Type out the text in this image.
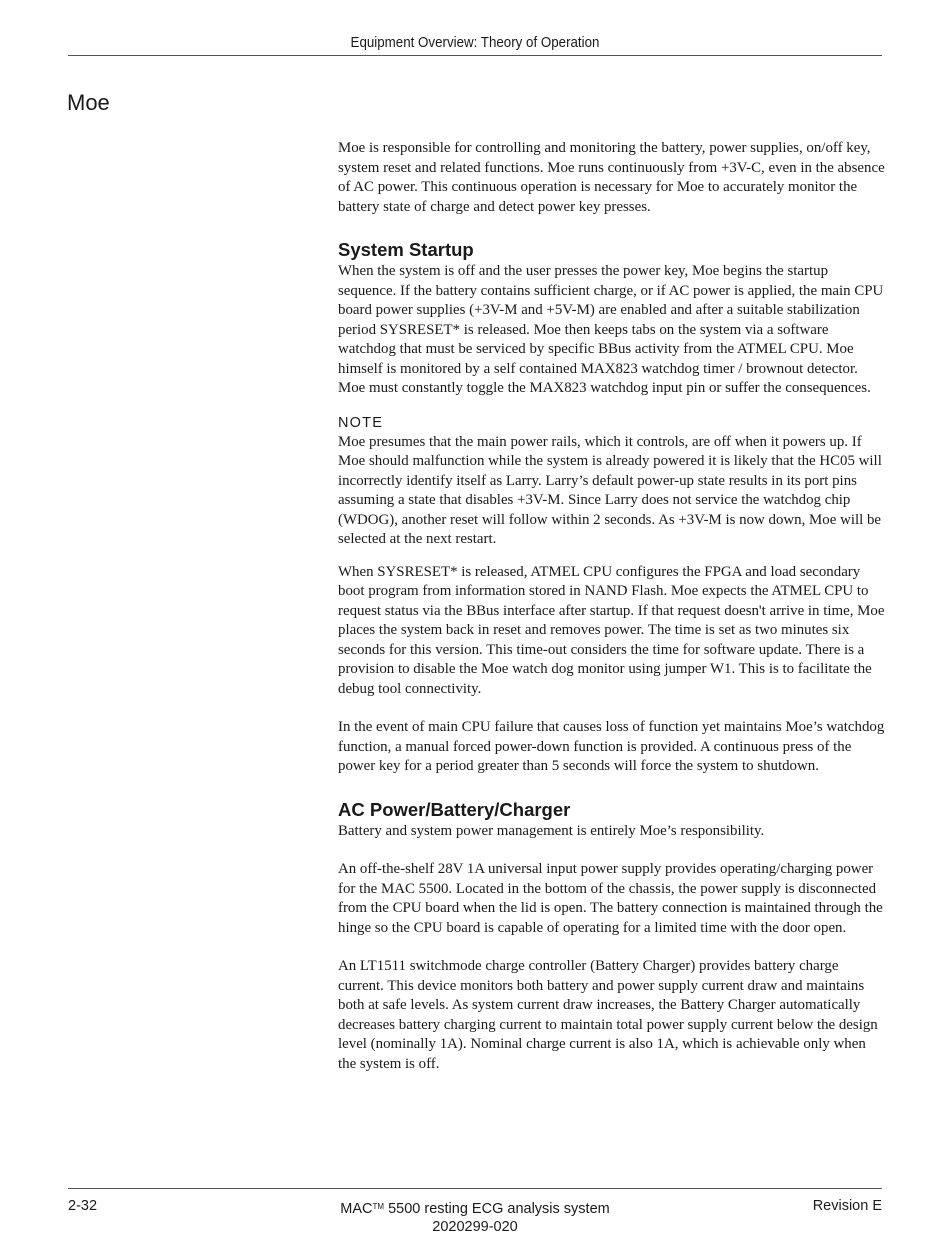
Equipment Overview: Theory of Operation
Moe

Moe is responsible for controlling and monitoring the battery, power supplies, on/off key, system reset and related functions. Moe runs continuously from +3V-C, even in the absence of AC power. This continuous operation is necessary for Moe to accurately monitor the battery state of charge and detect power key presses.

System Startup

When the system is off and the user presses the power key, Moe begins the startup sequence. If the battery contains sufficient charge, or if AC power is applied, the main CPU board power supplies (+3V-M and +5V-M) are enabled and after a suitable stabilization period SYSRESET* is released. Moe then keeps tabs on the system via a software watchdog that must be serviced by specific BBus activity from the ATMEL CPU. Moe himself is monitored by a self contained MAX823 watchdog timer / brownout detector. Moe must constantly toggle the MAX823 watchdog input pin or suffer the consequences.

NOTE

Moe presumes that the main power rails, which it controls, are off when it powers up. If Moe should malfunction while the system is already powered it is likely that the HC05 will incorrectly identify itself as Larry. Larry’s default power-up state results in its port pins assuming a state that disables +3V-M. Since Larry does not service the watchdog chip (WDOG), another reset will follow within 2 seconds. As +3V-M is now down, Moe will be selected at the next restart.

When SYSRESET* is released, ATMEL CPU configures the FPGA and load secondary boot program from information stored in NAND Flash. Moe expects the ATMEL CPU to request status via the BBus interface after startup. If that request doesn't arrive in time, Moe places the system back in reset and removes power. The time is set as two minutes six seconds for this version. This time-out considers the time for software update. There is a provision to disable the Moe watch dog monitor using jumper W1. This is to facilitate the debug tool connectivity.

In the event of main CPU failure that causes loss of function yet maintains Moe’s watchdog function, a manual forced power-down function is provided. A continuous press of the power key for a period greater than 5 seconds will force the system to shutdown.

AC Power/Battery/Charger

Battery and system power management is entirely Moe’s responsibility.

An off-the-shelf 28V 1A universal input power supply provides operating/charging power for the MAC 5500. Located in the bottom of the chassis, the power supply is disconnected from the CPU board when the lid is open. The battery connection is maintained through the hinge so the CPU board is capable of operating for a limited time with the door open.

An LT1511 switchmode charge controller (Battery Charger) provides battery charge current. This device monitors both battery and power supply current draw and maintains both at safe levels. As system current draw increases, the Battery Charger automatically decreases battery charging current to maintain total power supply current below the design level (nominally 1A). Nominal charge current is also 1A, which is achievable only when the system is off.

2-32	MAC™ 5500 resting ECG analysis system
2020299-020
Revision E
